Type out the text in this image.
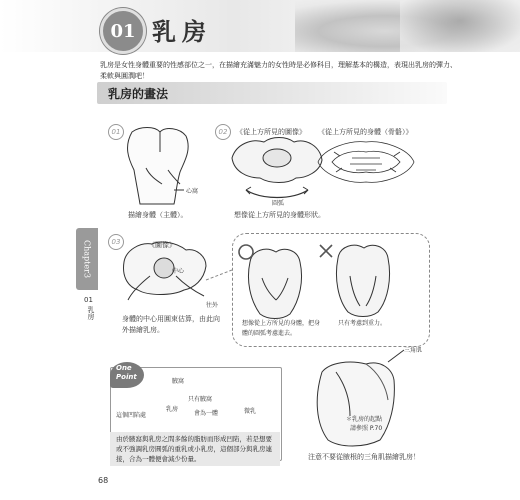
01 乳房
乳房是女性身體重要的性感部位之一，在描繪充滿魅力的女性時是必修科目，理解基本的構造，表現出乳房的彈力、柔軟與圓潤吧！
乳房的畫法
Chapter3
01
乳房
01	02
03
心窩
描繪身體（主體）。
《從上方所見的圖像》 《從上方所見的身體（骨骼）》
圓弧
想像從上方所見的身體形狀。
《圖像》
中心
往外
身體的中心用圓束估算，由此向
外描繪乳房。
想像從上方所見的身體，把身
體的圓弧考慮進去。
只有考慮到重力。
One
Point
腋窩
只有腋窩
這個凹陷處
乳房
會為一體	微乳
由於腋窩與乳房之間多餘的脂肪而形成凹陷，若是想要或不強調乳房圓弧的重乳或小乳房，這個部分與乳房連接，合為一體便會減少份量。
三角肌
＊乳房的起點
請參照 P.70
注意不要從腋根的三角肌描繪乳房！
68
